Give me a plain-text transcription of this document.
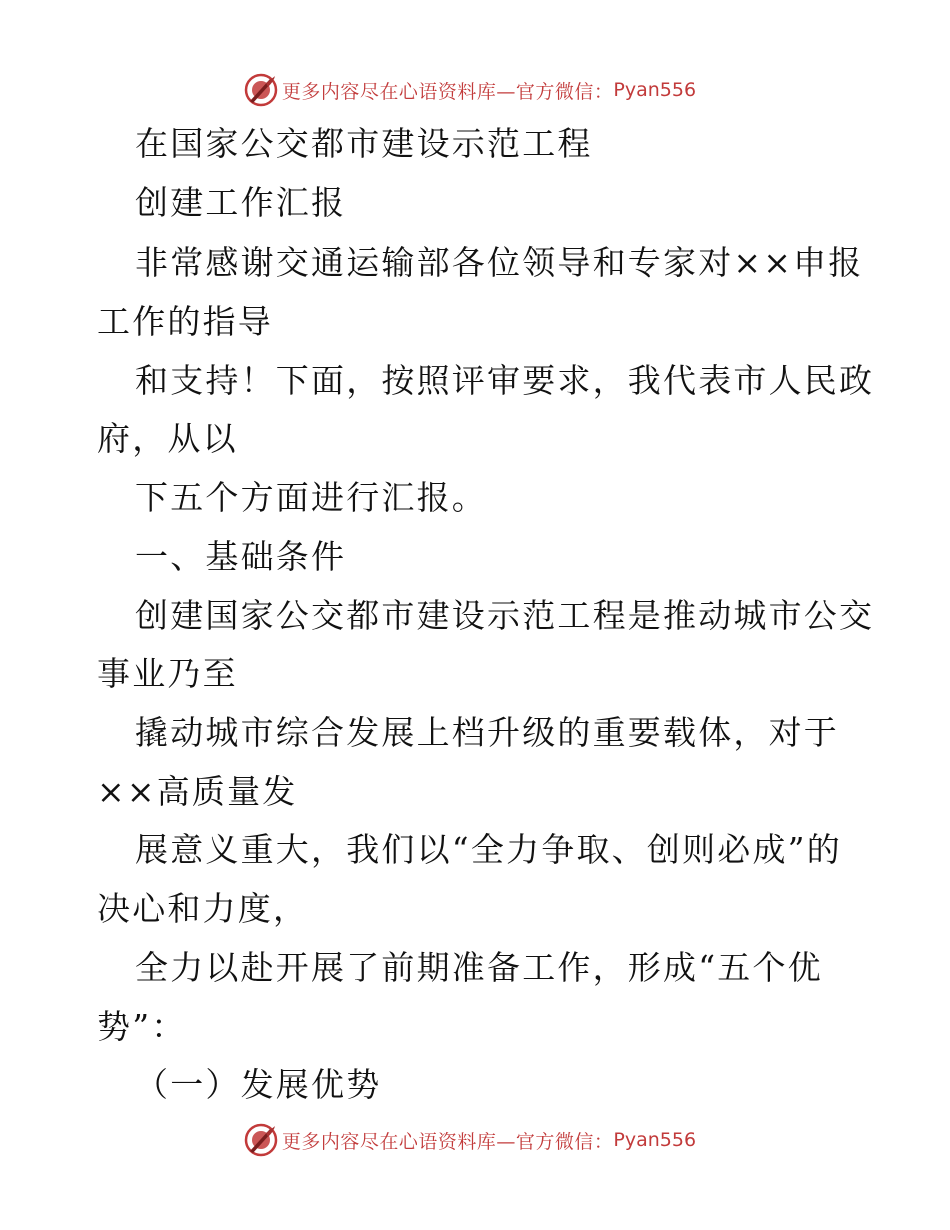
更多内容尽在心语资料库—官方微信： Pyan556
在国家公交都市建设示范工程
创建工作汇报
非常感谢交通运输部各位领导和专家对××申报
工作的指导
和支持！下面，按照评审要求，我代表市人民政
府，从以
下五个方面进行汇报。
一、基础条件
创建国家公交都市建设示范工程是推动城市公交
事业乃至
撬动城市综合发展上档升级的重要载体，对于
××高质量发
展意义重大，我们以“全力争取、创则必成”的
决心和力度，
全力以赴开展了前期准备工作，形成“五个优
势”：
（一）发展优势
更多内容尽在心语资料库—官方微信： Pyan556
